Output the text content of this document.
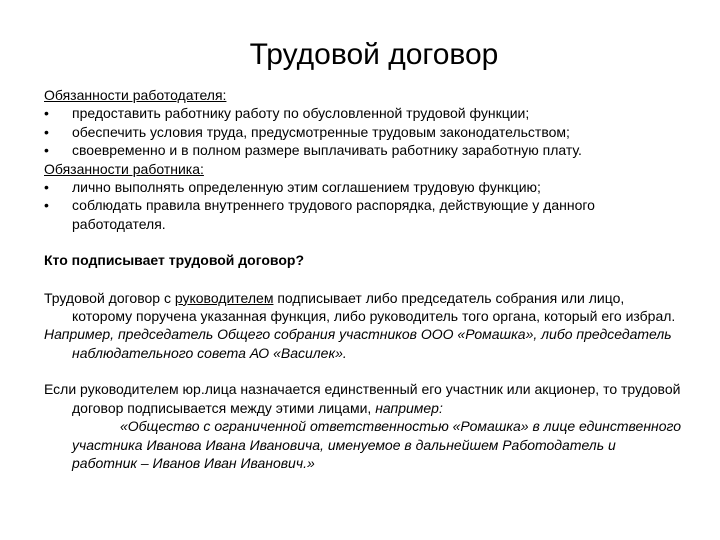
Трудовой договор
Обязанности работодателя:
• предоставить работнику работу по обусловленной трудовой функции;
• обеспечить условия труда, предусмотренные трудовым законодательством;
• своевременно и в полном размере выплачивать работнику заработную плату.
Обязанности работника:
• лично выполнять определенную этим соглашением трудовую функцию;
• соблюдать правила внутреннего трудового распорядка, действующие у данного работодателя.
Кто подписывает трудовой договор?
Трудовой договор с руководителем подписывает либо председатель собрания или лицо, которому поручена указанная функция, либо руководитель того органа, который его избрал.
Например, председатель Общего собрания участников ООО «Ромашка», либо председатель наблюдательного совета АО «Василек».
Если руководителем юр.лица назначается единственный его участник или акционер, то трудовой договор подписывается между этими лицами, например:
«Общество с ограниченной ответственностью «Ромашка» в лице единственного участника Иванова Ивана Ивановича, именуемое в дальнейшем Работодатель и работник – Иванов Иван Иванович.»
